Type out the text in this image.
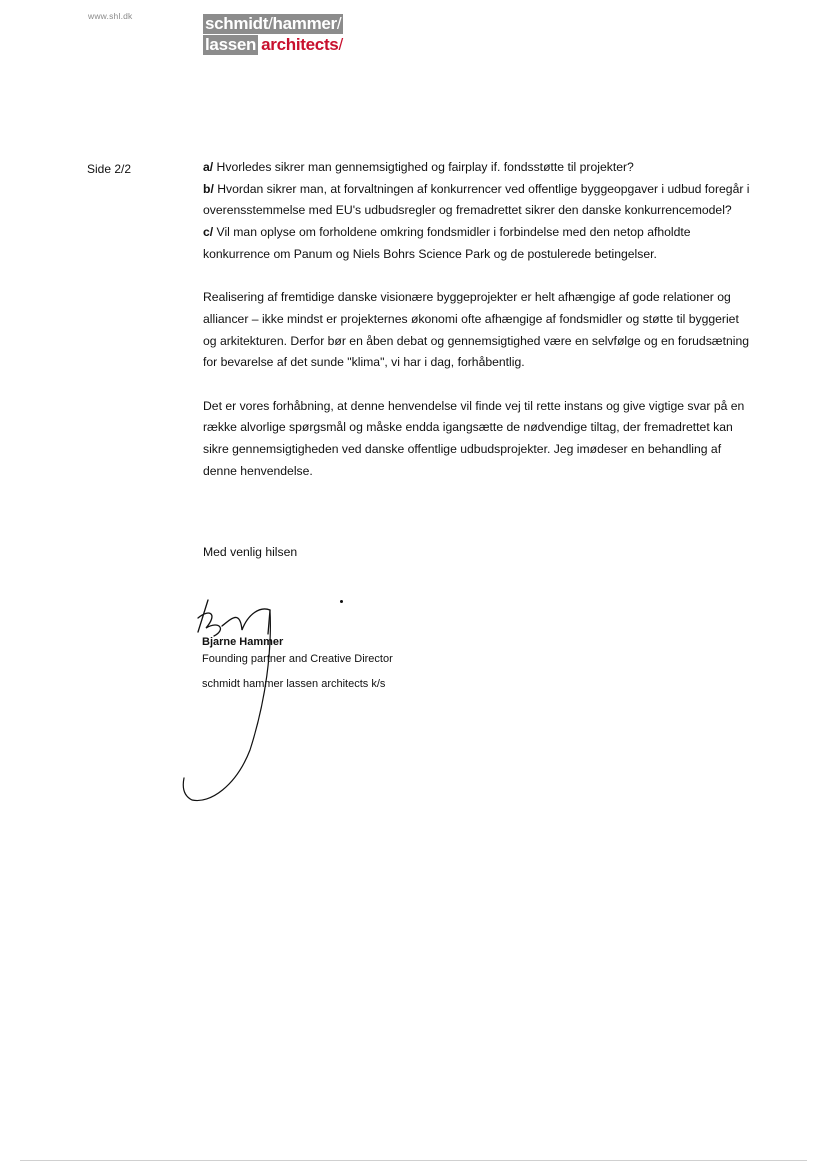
www.shl.dk	schmidt/hammer/
lassen architects/
Side 2/2	a/ Hvorledes sikrer man gennemsigtighed og fairplay if. fondsstøtte til projekter?

b/ Hvordan sikrer man, at forvaltningen af konkurrencer ved offentlige byggeopgaver i udbud foregår i overensstemmelse med EU's udbudsregler og fremadrettet sikrer den danske konkurrencemodel?

c/ Vil man oplyse om forholdene omkring fondsmidler i forbindelse med den netop afholdte konkurrence om Panum og Niels Bohrs Science Park og de postulerede betingelser.

Realisering af fremtidige danske visionære byggeprojekter er helt afhængige af gode relationer og alliancer – ikke mindst er projekternes økonomi ofte afhængige af fondsmidler og støtte til byggeriet og arkitekturen. Derfor bør en åben debat og gennemsigtighed være en selvfølge og en forudsætning for bevarelse af det sunde "klima", vi har i dag, forhåbentlig.

Det er vores forhåbning, at denne henvendelse vil finde vej til rette instans og give vigtige svar på en række alvorlige spørgsmål og måske endda igangsætte de nødvendige tiltag, der fremadrettet kan sikre gennemsigtigheden ved danske offentlige udbudsprojekter. Jeg imødeser en behandling af denne henvendelse.

Med venlig hilsen
Bjarne Hammer
Founding partner and Creative Director
schmidt hammer lassen architects k/s
